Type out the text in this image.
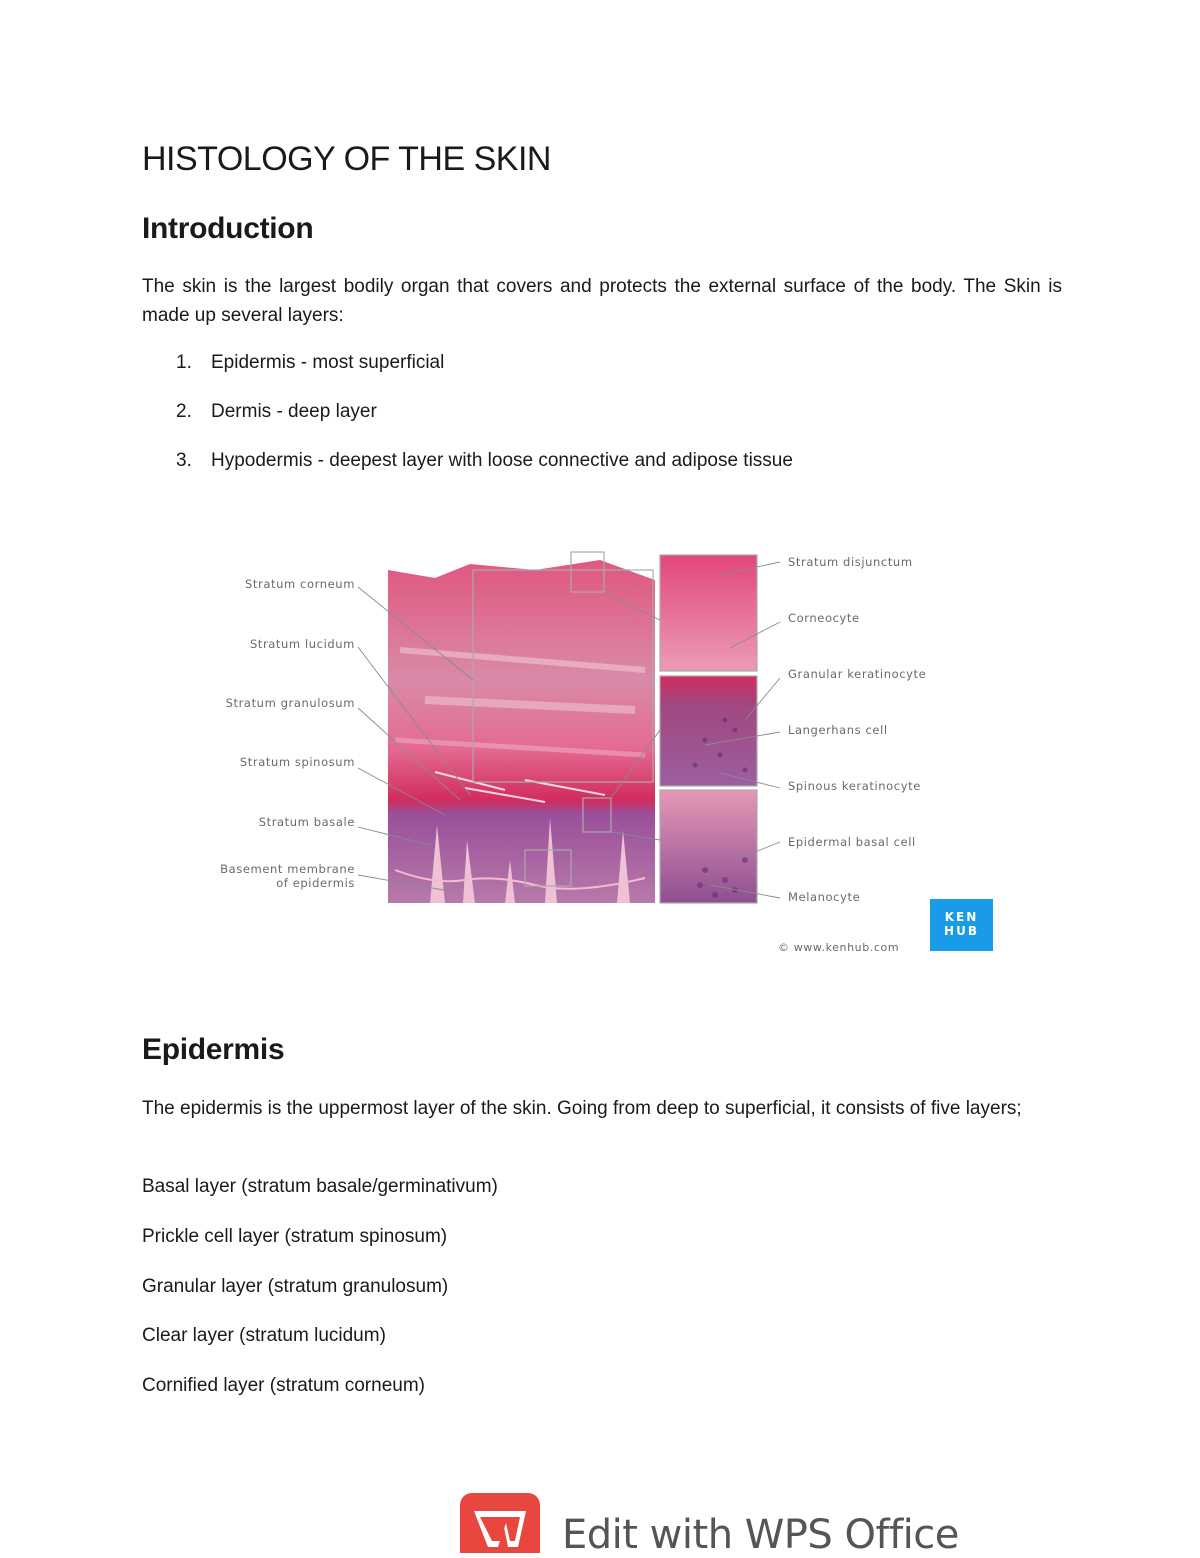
HISTOLOGY OF THE SKIN
Introduction

The skin is the largest bodily organ that covers and protects the external surface of the body. The Skin is made up several layers:

1. Epidermis - most superficial

2. Dermis - deep layer

3. Hypodermis - deepest layer with loose connective and adipose tissue

Stratum corneum
Stratum lucidum
Stratum granulosum
Stratum spinosum
Stratum basale
Basement membrane
of epidermis
Stratum disjunctum
Corneocyte
Granular keratinocyte
Langerhans cell
Spinous keratinocyte
Epidermal basal cell
Melanocyte
KEN
HUB
© www.kenhub.com
Epidermis

The epidermis is the uppermost layer of the skin. Going from deep to superficial, it consists of five layers;

Basal layer (stratum basale/germinativum)

Prickle cell layer (stratum spinosum)

Granular layer (stratum granulosum)

Clear layer (stratum lucidum)

Cornified layer (stratum corneum)

Edit with WPS Office
